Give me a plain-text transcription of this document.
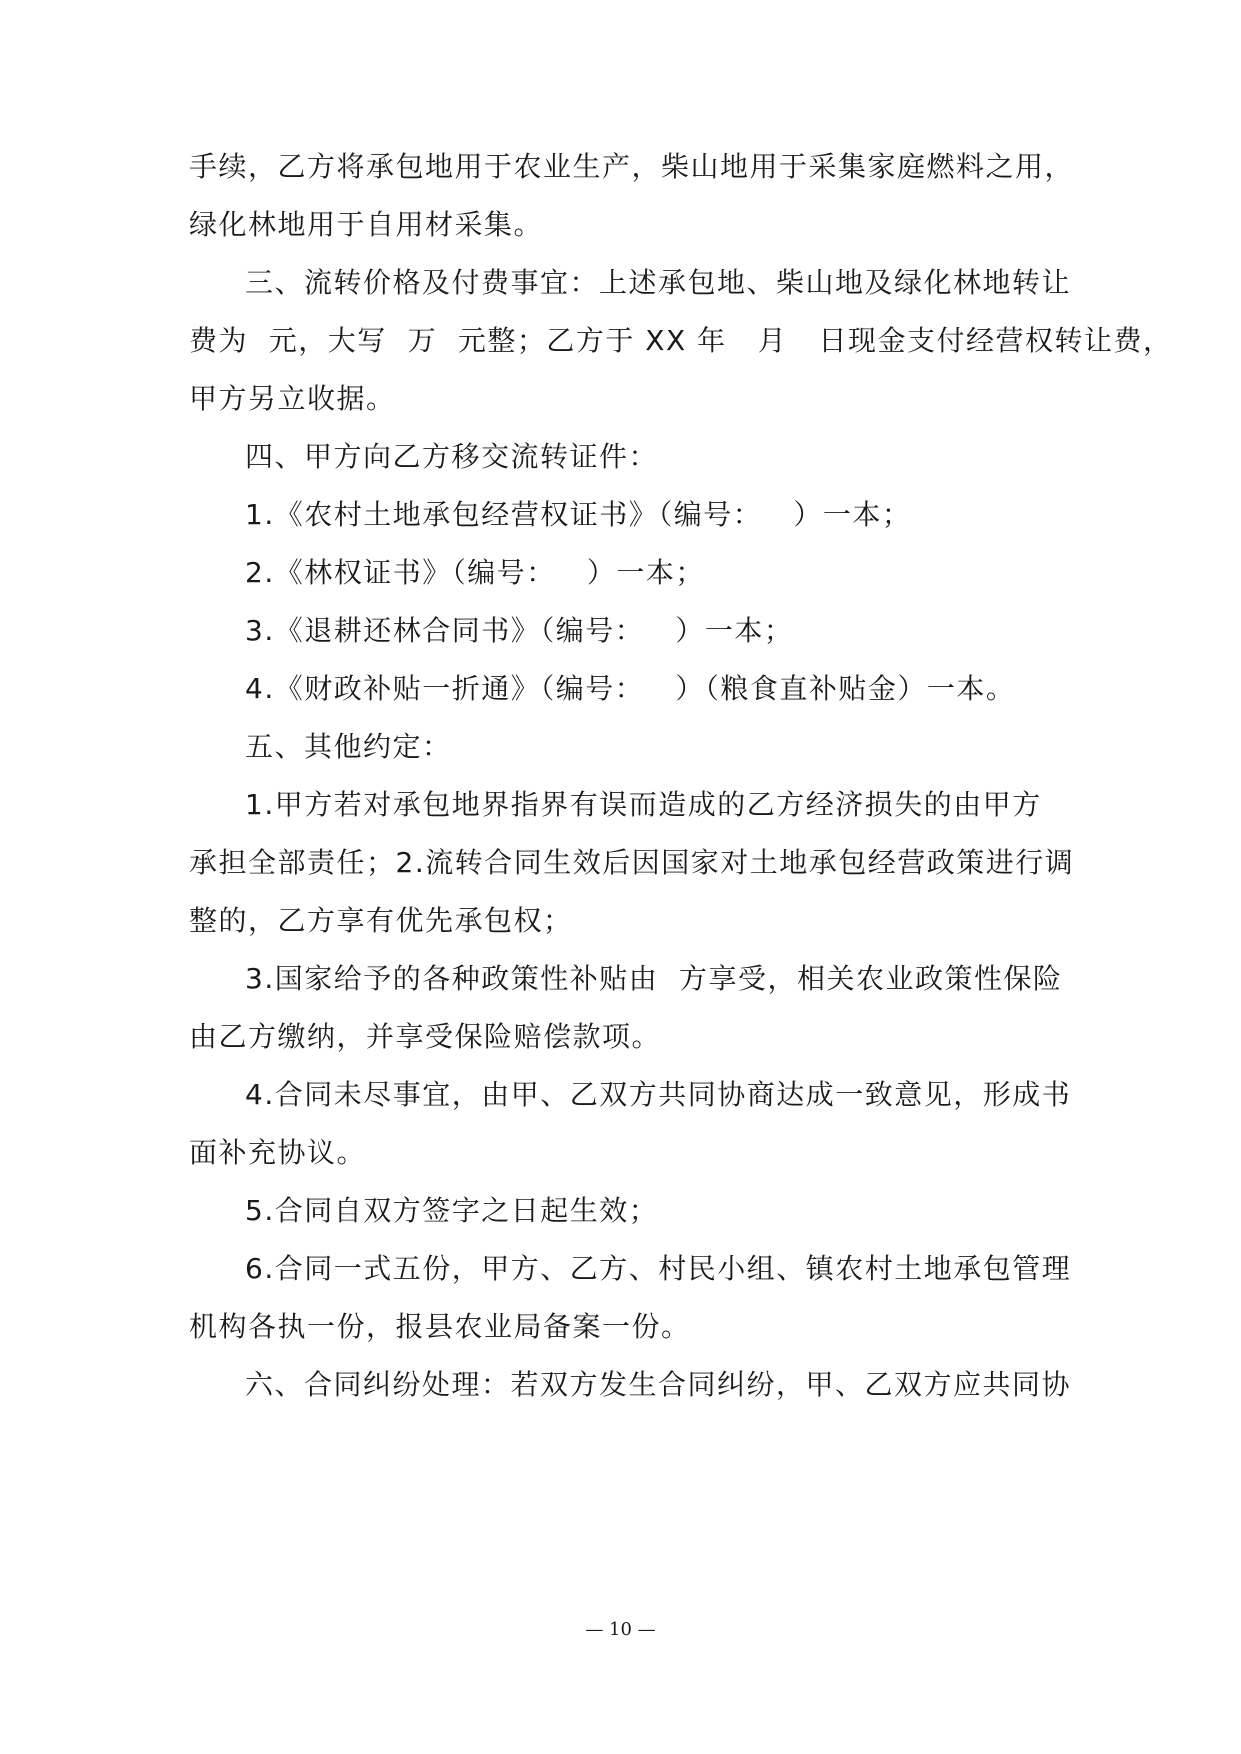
手续，乙方将承包地用于农业生产，柴山地用于采集家庭燃料之用，
绿化林地用于自用材采集。
三、流转价格及付费事宜：上述承包地、柴山地及绿化林地转让
费为  元，大写  万  元整；乙方于 XX 年   月   日现金支付经营权转让费，
甲方另立收据。
四、甲方向乙方移交流转证件：
1.《农村土地承包经营权证书》（编号：   ）一本；
2.《林权证书》（编号：   ）一本；
3.《退耕还林合同书》（编号：   ）一本；
4.《财政补贴一折通》（编号：   ）（粮食直补贴金）一本。
五、其他约定：
1.甲方若对承包地界指界有误而造成的乙方经济损失的由甲方
承担全部责任；2.流转合同生效后因国家对土地承包经营政策进行调
整的，乙方享有优先承包权；
3.国家给予的各种政策性补贴由  方享受，相关农业政策性保险
由乙方缴纳，并享受保险赔偿款项。
4.合同未尽事宜，由甲、乙双方共同协商达成一致意见，形成书
面补充协议。
5.合同自双方签字之日起生效；
6.合同一式五份，甲方、乙方、村民小组、镇农村土地承包管理
机构各执一份，报县农业局备案一份。
六、合同纠纷处理：若双方发生合同纠纷，甲、乙双方应共同协
— 10 —
